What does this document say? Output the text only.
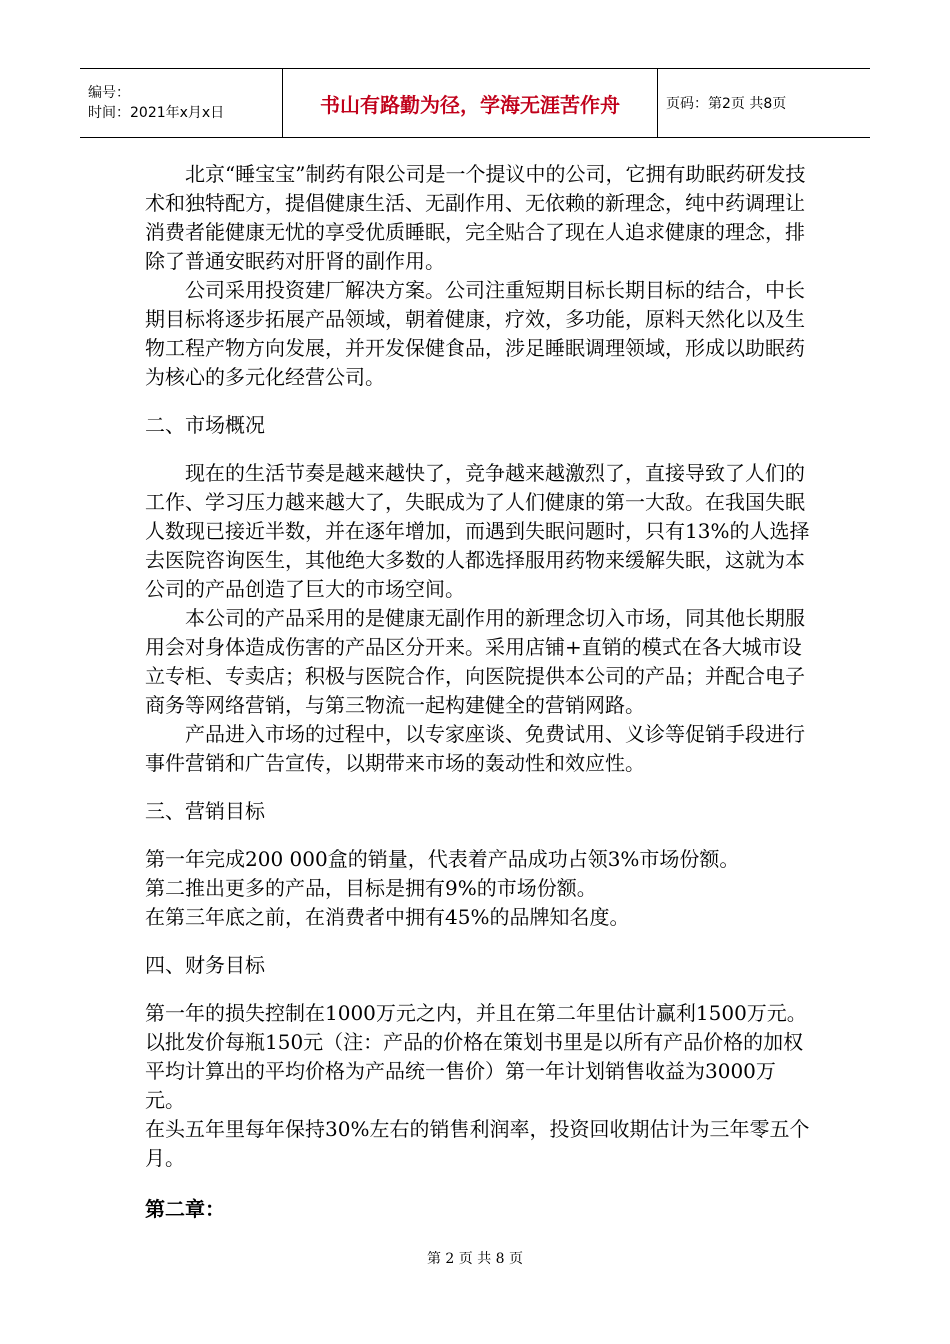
编号：
时间：2021年x月x日	书山有路勤为径，学海无涯苦作舟	页码：第2页 共8页

北京“睡宝宝”制药有限公司是一个提议中的公司，它拥有助眠药研发技术和独特配方，提倡健康生活、无副作用、无依赖的新理念，纯中药调理让消费者能健康无忧的享受优质睡眠，完全贴合了现在人追求健康的理念，排除了普通安眠药对肝肾的副作用。

公司采用投资建厂解决方案。公司注重短期目标长期目标的结合，中长期目标将逐步拓展产品领域，朝着健康，疗效，多功能，原料天然化以及生物工程产物方向发展，并开发保健食品，涉足睡眠调理领域，形成以助眠药为核心的多元化经营公司。

二、市场概况

现在的生活节奏是越来越快了，竞争越来越激烈了，直接导致了人们的工作、学习压力越来越大了，失眠成为了人们健康的第一大敌。在我国失眠人数现已接近半数，并在逐年增加，而遇到失眠问题时，只有13%的人选择去医院咨询医生，其他绝大多数的人都选择服用药物来缓解失眠，这就为本公司的产品创造了巨大的市场空间。

本公司的产品采用的是健康无副作用的新理念切入市场，同其他长期服用会对身体造成伤害的产品区分开来。采用店铺+直销的模式在各大城市设立专柜、专卖店；积极与医院合作，向医院提供本公司的产品；并配合电子商务等网络营销，与第三物流一起构建健全的营销网路。

产品进入市场的过程中，以专家座谈、免费试用、义诊等促销手段进行事件营销和广告宣传，以期带来市场的轰动性和效应性。

三、营销目标

第一年完成200 000盒的销量，代表着产品成功占领3%市场份额。

第二推出更多的产品，目标是拥有9%的市场份额。

在第三年底之前，在消费者中拥有45%的品牌知名度。

四、财务目标

第一年的损失控制在1000万元之内，并且在第二年里估计赢利1500万元。

以批发价每瓶150元（注：产品的价格在策划书里是以所有产品价格的加权平均计算出的平均价格为产品统一售价）第一年计划销售收益为3000万元。

在头五年里每年保持30%左右的销售利润率，投资回收期估计为三年零五个月。

第二章：

第 2 页 共 8 页
